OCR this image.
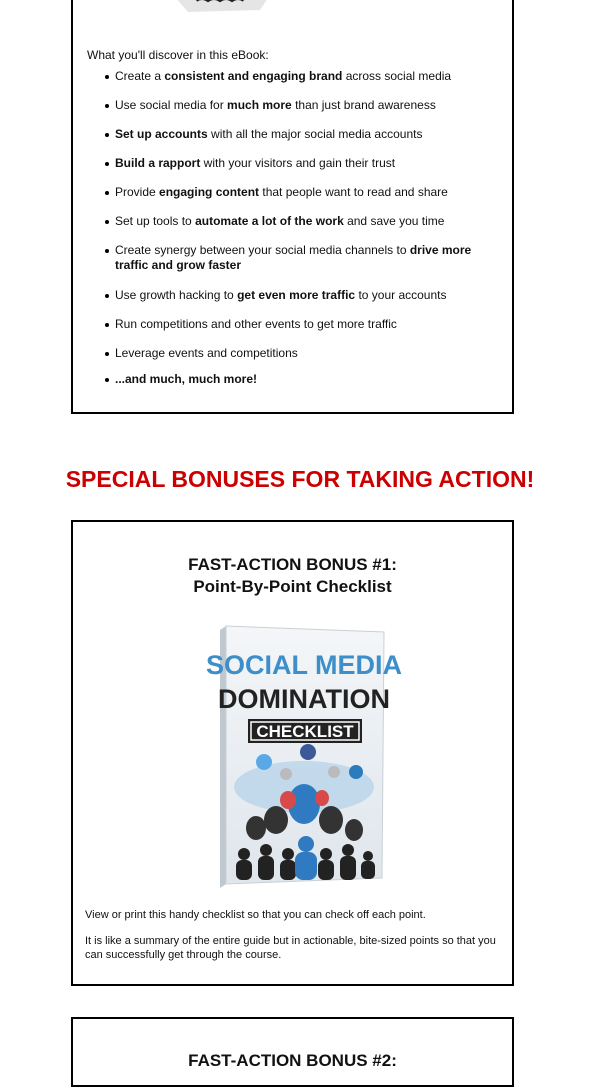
What you'll discover in this eBook:

Create a consistent and engaging brand across social media
Use social media for much more than just brand awareness
Set up accounts with all the major social media accounts
Build a rapport with your visitors and gain their trust
Provide engaging content that people want to read and share
Set up tools to automate a lot of the work and save you time
Create synergy between your social media channels to drive more traffic and grow faster
Use growth hacking to get even more traffic to your accounts
Run competitions and other events to get more traffic
Leverage events and competitions
...and much, much more!
SPECIAL BONUSES FOR TAKING ACTION!

FAST-ACTION BONUS #1:

Point-By-Point Checklist

SOCIAL MEDIA
DOMINATION
CHECKLIST

View or print this handy checklist so that you can check off each point.

It is like a summary of the entire guide but in actionable, bite-sized points so that you can successfully get through the course.

FAST-ACTION BONUS #2:
